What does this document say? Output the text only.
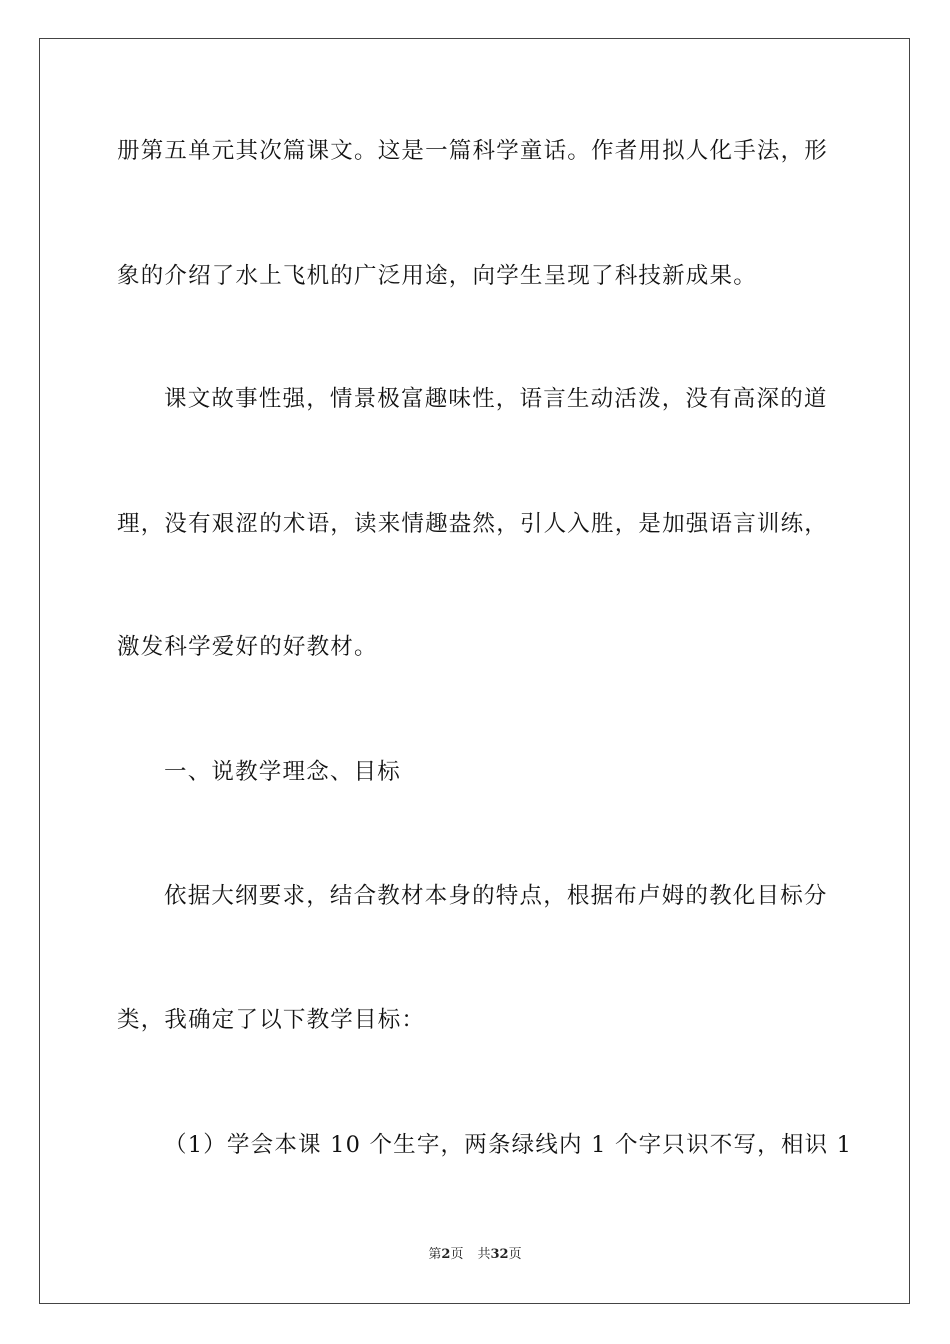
册第五单元其次篇课文。这是一篇科学童话。作者用拟人化手法，形
象的介绍了水上飞机的广泛用途，向学生呈现了科技新成果。
课文故事性强，情景极富趣味性，语言生动活泼，没有高深的道
理，没有艰涩的术语，读来情趣盎然，引人入胜，是加强语言训练，
激发科学爱好的好教材。
一、说教学理念、目标
依据大纲要求，结合教材本身的特点，根据布卢姆的教化目标分
类，我确定了以下教学目标：
（1）学会本课 10 个生字，两条绿线内 1 个字只识不写，相识 1
第2页 共32页
